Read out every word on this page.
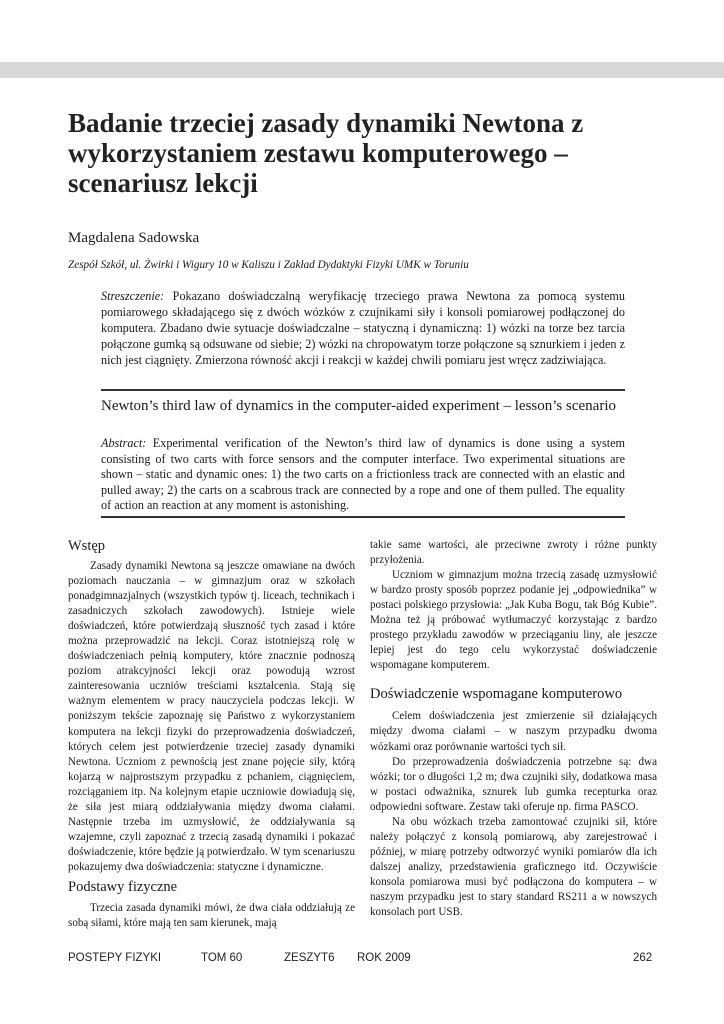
Badanie trzeciej zasady dynamiki Newtona z wykorzystaniem zestawu komputerowego – scenariusz lekcji
Magdalena Sadowska
Zespół Szkół, ul. Żwirki i Wigury 10 w Kaliszu i Zakład Dydaktyki Fizyki UMK w Toruniu
Streszczenie: Pokazano doświadczalną weryfikację trzeciego prawa Newtona za pomocą systemu pomiarowego składającego się z dwóch wózków z czujnikami siły i konsoli pomiarowej podłączonej do komputera. Zbadano dwie sytuacje doświadczalne – statyczną i dynamiczną: 1) wózki na torze bez tarcia połączone gumką są odsuwane od siebie; 2) wózki na chropowatym torze połączone są sznurkiem i jeden z nich jest ciągnięty. Zmierzona równość akcji i reakcji w każdej chwili pomiaru jest wręcz zadziwiająca.
Newton’s third law of dynamics in the computer-aided experiment – lesson’s scenario
Abstract: Experimental verification of the Newton’s third law of dynamics is done using a system consisting of two carts with force sensors and the computer interface. Two experimental situations are shown – static and dynamic ones: 1) the two carts on a frictionless track are connected with an elastic and pulled away; 2) the carts on a scabrous track are connected by a rope and one of them pulled. The equality of action an reaction at any moment is astonishing.
Wstęp

Zasady dynamiki Newtona są jeszcze omawiane na dwóch poziomach nauczania – w gimnazjum oraz w szkołach ponadgimnazjalnych (wszystkich typów tj. liceach, technikach i zasadniczych szkołach zawodowych). Istnieje wiele doświadczeń, które potwierdzają słuszność tych zasad i które można przeprowadzić na lekcji. Coraz istotniejszą rolę w doświadczeniach pełnią komputery, które znacznie podnoszą poziom atrakcyjności lekcji oraz powodują wzrost zainteresowania uczniów treściami kształcenia. Stają się ważnym elementem w pracy nauczyciela podczas lekcji. W poniższym tekście zapoznaję się Państwo z wykorzystaniem komputera na lekcji fizyki do przeprowadzenia doświadczeń, których celem jest potwierdzenie trzeciej zasady dynamiki Newtona. Uczniom z pewnością jest znane pojęcie siły, którą kojarzą w najprostszym przypadku z pchaniem, ciągnięciem, rozciąganiem itp. Na kolejnym etapie uczniowie dowiadują się, że siła jest miarą oddziaływania między dwoma ciałami. Następnie trzeba im uzmysłowić, że oddziaływania są wzajemne, czyli zapoznać z trzecią zasadą dynamiki i pokazać doświadczenie, które będzie ją potwierdzało. W tym scenariuszu pokazujemy dwa doświadczenia: statyczne i dynamiczne.

Podstawy fizyczne

Trzecia zasada dynamiki mówi, że dwa ciała oddziałują ze sobą siłami, które mają ten sam kierunek, mają

takie same wartości, ale przeciwne zwroty i różne punkty przyłożenia.

Uczniom w gimnazjum można trzecią zasadę uzmysłowić w bardzo prosty sposób poprzez podanie jej „odpowiednika” w postaci polskiego przysłowia: „Jak Kuba Bogu, tak Bóg Kubie”. Można też ją próbować wytłumaczyć korzystając z bardzo prostego przykładu zawodów w przeciąganiu liny, ale jeszcze lepiej jest do tego celu wykorzystać doświadczenie wspomagane komputerem.

Doświadczenie wspomagane komputerowo

Celem doświadczenia jest zmierzenie sił działających między dwoma ciałami – w naszym przypadku dwoma wózkami oraz porównanie wartości tych sił.

Do przeprowadzenia doświadczenia potrzebne są: dwa wózki; tor o długości 1,2 m; dwa czujniki siły, dodatkowa masa w postaci odważnika, sznurek lub gumka recepturka oraz odpowiedni software. Zestaw taki oferuje np. firma PASCO.

Na obu wózkach trzeba zamontować czujniki sił, które należy połączyć z konsolą pomiarową, aby zarejestrować i później, w miarę potrzeby odtworzyć wyniki pomiarów dla ich dalszej analizy, przedstawienia graficznego itd. Oczywiście konsola pomiarowa musi być podłączona do komputera – w naszym przypadku jest to stary standard RS211 a w nowszych konsolach port USB.

POSTEPY FIZYKI	TOM 60	ZESZYT6 ROK 2009	262
